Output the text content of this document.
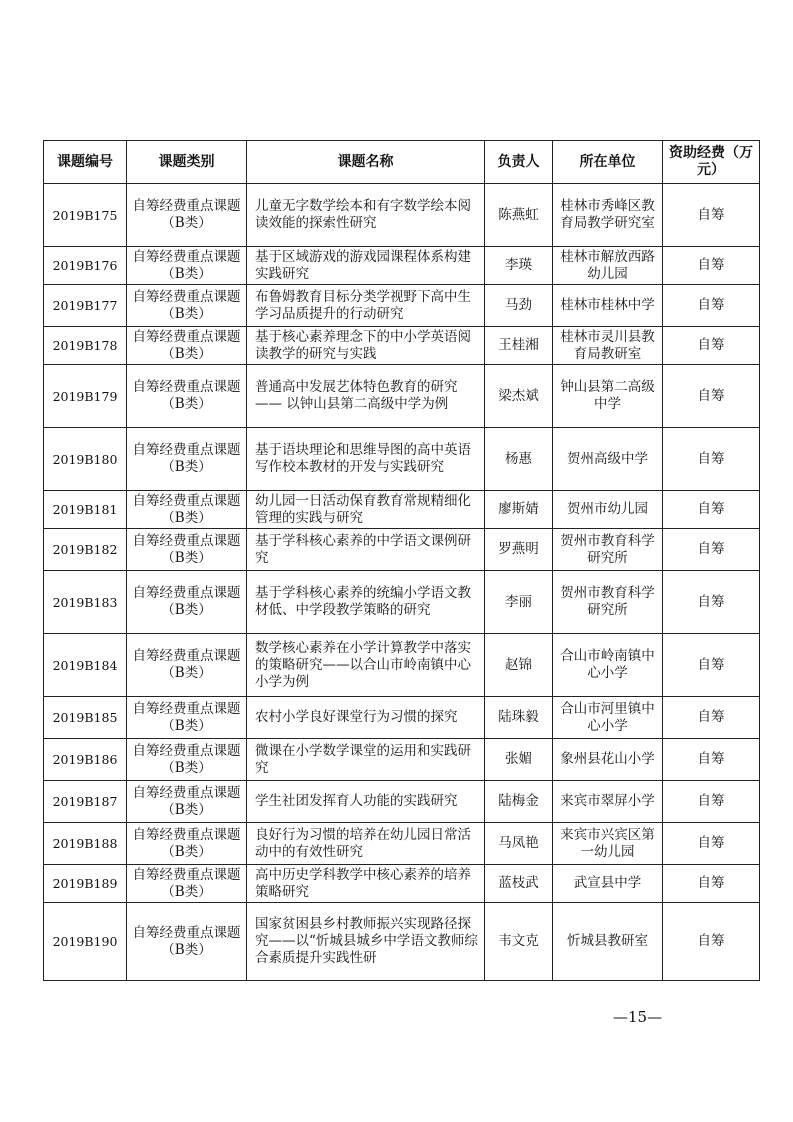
课题编号	课题类别	课题名称	负责人	所在单位	资助经费（万元）
2019B175	自筹经费重点课题（B类）	儿童无字数学绘本和有字数学绘本阅读效能的探索性研究	陈燕虹	桂林市秀峰区教育局教学研究室	自筹
2019B176	自筹经费重点课题（B类）	基于区域游戏的游戏园课程体系构建实践研究	李瑛	桂林市解放西路幼儿园	自筹
2019B177	自筹经费重点课题（B类）	布鲁姆教育目标分类学视野下高中生学习品质提升的行动研究	马劲	桂林市桂林中学	自筹
2019B178	自筹经费重点课题（B类）	基于核心素养理念下的中小学英语阅读教学的研究与实践	王桂湘	桂林市灵川县教育局教研室	自筹
2019B179	自筹经费重点课题（B类）	普通高中发展艺体特色教育的研究—— 以钟山县第二高级中学为例	梁杰斌	钟山县第二高级中学	自筹
2019B180	自筹经费重点课题（B类）	基于语块理论和思维导图的高中英语写作校本教材的开发与实践研究	杨惠	贺州高级中学	自筹
2019B181	自筹经费重点课题（B类）	幼儿园一日活动保育教育常规精细化管理的实践与研究	廖斯婧	贺州市幼儿园	自筹
2019B182	自筹经费重点课题（B类）	基于学科核心素养的中学语文课例研究	罗燕明	贺州市教育科学研究所	自筹
2019B183	自筹经费重点课题（B类）	基于学科核心素养的统编小学语文教材低、中学段教学策略的研究	李丽	贺州市教育科学研究所	自筹
2019B184	自筹经费重点课题（B类）	数学核心素养在小学计算教学中落实的策略研究——以合山市岭南镇中心小学为例	赵锦	合山市岭南镇中心小学	自筹
2019B185	自筹经费重点课题（B类）	农村小学良好课堂行为习惯的探究	陆珠毅	合山市河里镇中心小学	自筹
2019B186	自筹经费重点课题（B类）	微课在小学数学课堂的运用和实践研究	张媚	象州县花山小学	自筹
2019B187	自筹经费重点课题（B类）	学生社团发挥育人功能的实践研究	陆梅金	来宾市翠屏小学	自筹
2019B188	自筹经费重点课题（B类）	良好行为习惯的培养在幼儿园日常活动中的有效性研究	马凤艳	来宾市兴宾区第一幼儿园	自筹
2019B189	自筹经费重点课题（B类）	高中历史学科教学中核心素养的培养策略研究	蓝枝武	武宣县中学	自筹
2019B190	自筹经费重点课题（B类）	国家贫困县乡村教师振兴实现路径探究——以“忻城县城乡中学语文教师综合素质提升实践性研	韦文克	忻城县教研室	自筹
—15—
